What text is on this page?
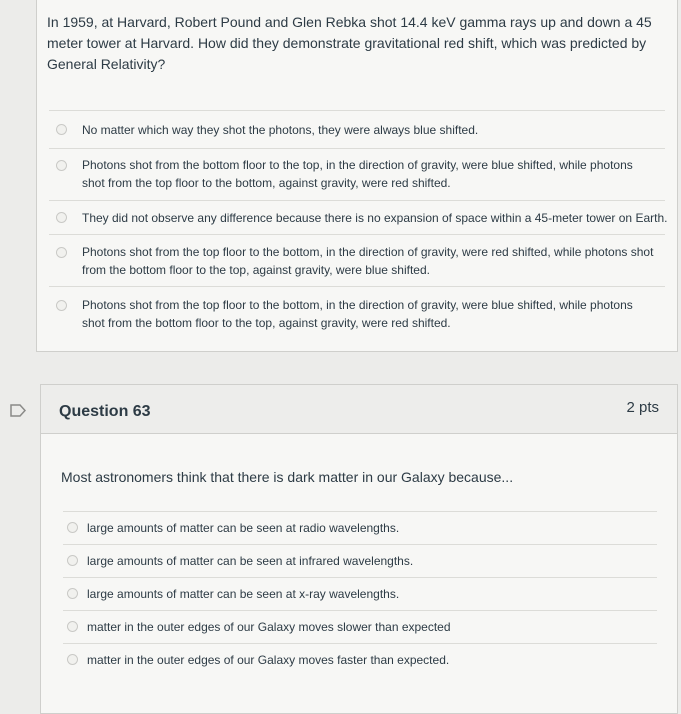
In 1959, at Harvard, Robert Pound and Glen Rebka shot 14.4 keV gamma rays up and down a 45 meter tower at Harvard. How did they demonstrate gravitational red shift, which was predicted by General Relativity?
No matter which way they shot the photons, they were always blue shifted.
Photons shot from the bottom floor to the top, in the direction of gravity, were blue shifted, while photons shot from the top floor to the bottom, against gravity, were red shifted.
They did not observe any difference because there is no expansion of space within a 45-meter tower on Earth.
Photons shot from the top floor to the bottom, in the direction of gravity, were red shifted, while photons shot from the bottom floor to the top, against gravity, were blue shifted.
Photons shot from the top floor to the bottom, in the direction of gravity, were blue shifted, while photons shot from the bottom floor to the top, against gravity, were red shifted.
Question 63	2 pts
Most astronomers think that there is dark matter in our Galaxy because...
large amounts of matter can be seen at radio wavelengths.
large amounts of matter can be seen at infrared wavelengths.
large amounts of matter can be seen at x-ray wavelengths.
matter in the outer edges of our Galaxy moves slower than expected
matter in the outer edges of our Galaxy moves faster than expected.
